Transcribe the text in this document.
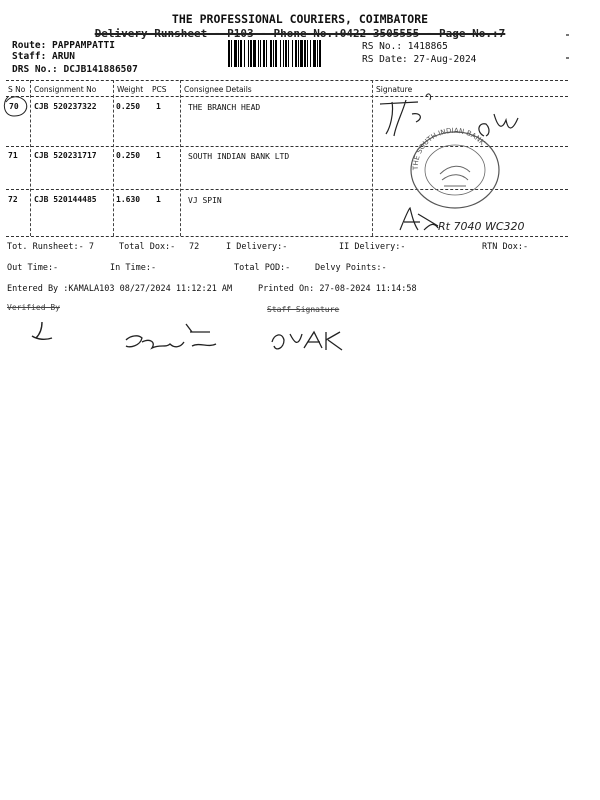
THE PROFESSIONAL COURIERS, COIMBATORE
Delivery Runsheet - P103 - Phone No.:0422-3505555 - Page No.:7
Route: PAPPAMPATTI
Staff: ARUN
DRS No.: DCJB141886507
RS No.: 1418865
RS Date: 27-Aug-2024
S No Consignment No	Weight PCS Consignee Details	Signature
70 CJB 520237322 0.250 1	THE BRANCH HEAD
71 CJB 520231717 0.250 1	SOUTH INDIAN BANK LTD
72 CJB 520144485 1.630 1	VJ SPIN
THE SOUTH INDIAN BANK
Rt 7040 WC320
Tot. Runsheet:- 7	Total Dox:- 72	I Delivery:-	II Delivery:-	RTN Dox:-
Out Time:-	In Time:-	Total POD:-	Delvy Points:-
Entered By :KAMALA103 08/27/2024 11:12:21 AM	Printed On: 27-08-2024 11:14:58
Verified By	Staff Signature
